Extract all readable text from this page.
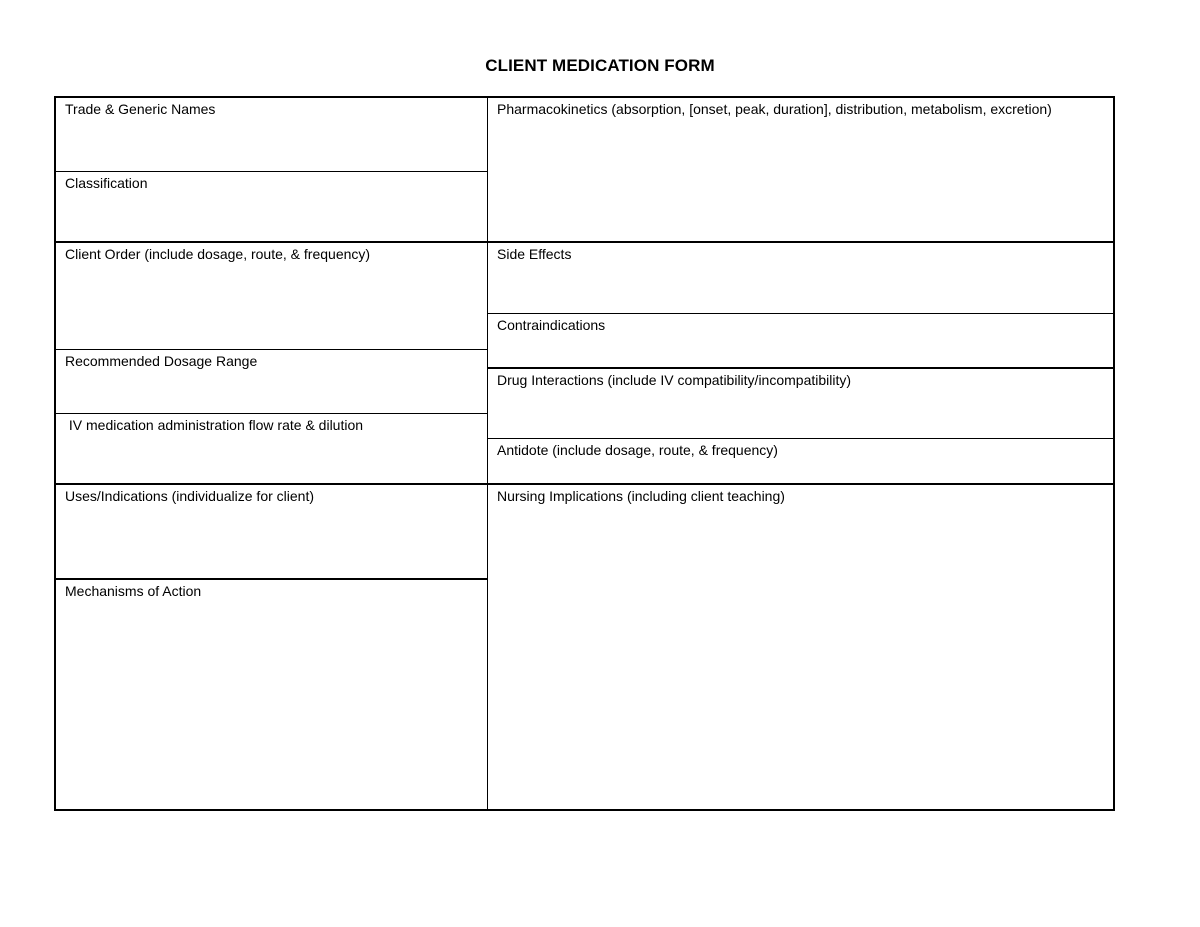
CLIENT MEDICATION FORM
Trade & Generic Names
Classification
Client Order (include dosage, route, & frequency)
Recommended Dosage Range
IV medication administration flow rate & dilution
Uses/Indications (individualize for client)
Mechanisms of Action
Pharmacokinetics (absorption, [onset, peak, duration], distribution, metabolism, excretion)
Side Effects
Contraindications
Drug Interactions (include IV compatibility/incompatibility)
Antidote (include dosage, route, & frequency)
Nursing Implications (including client teaching)
